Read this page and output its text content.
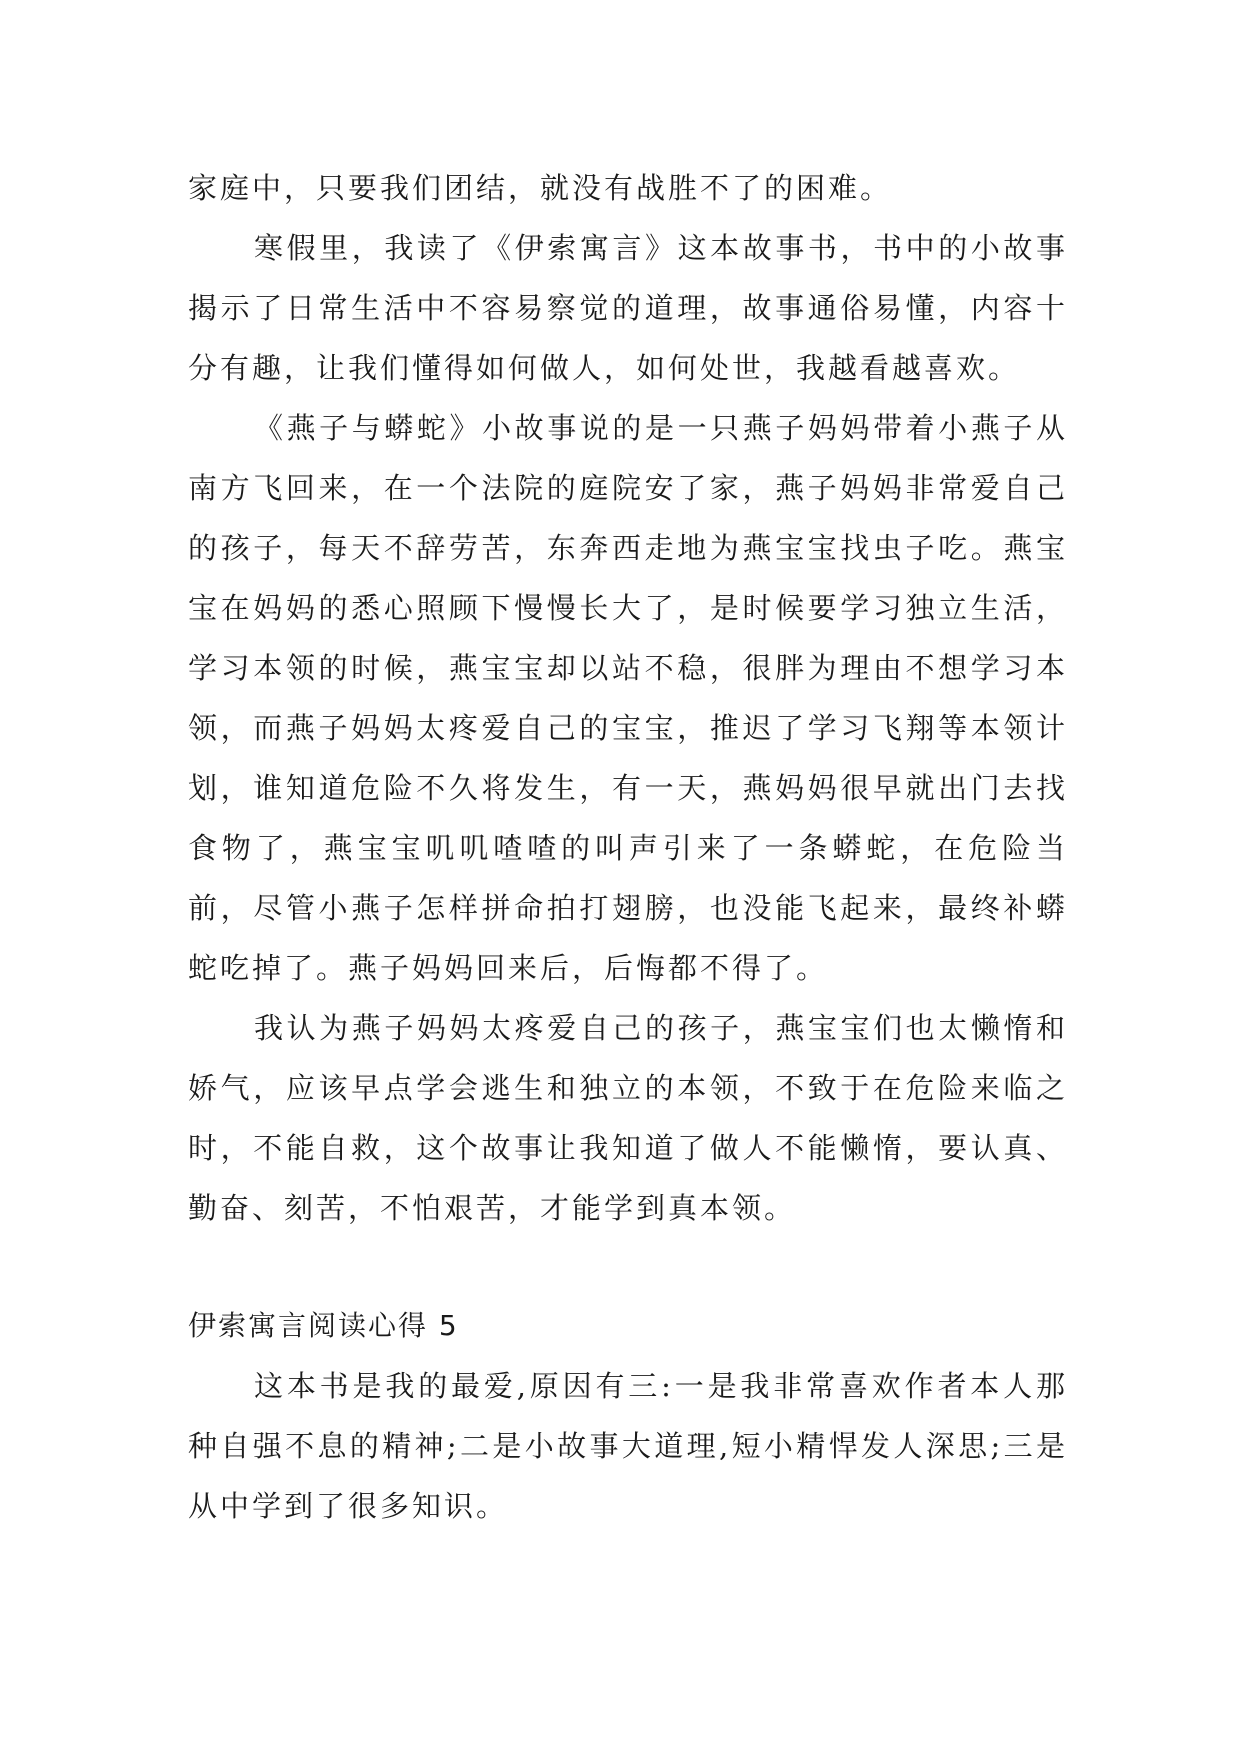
家庭中，只要我们团结，就没有战胜不了的困难。

寒假里，我读了《伊索寓言》这本故事书，书中的小故事揭示了日常生活中不容易察觉的道理，故事通俗易懂，内容十分有趣，让我们懂得如何做人，如何处世，我越看越喜欢。

《燕子与蟒蛇》小故事说的是一只燕子妈妈带着小燕子从南方飞回来，在一个法院的庭院安了家，燕子妈妈非常爱自己的孩子，每天不辞劳苦，东奔西走地为燕宝宝找虫子吃。燕宝宝在妈妈的悉心照顾下慢慢长大了，是时候要学习独立生活，学习本领的时候，燕宝宝却以站不稳，很胖为理由不想学习本领，而燕子妈妈太疼爱自己的宝宝，推迟了学习飞翔等本领计划，谁知道危险不久将发生，有一天，燕妈妈很早就出门去找食物了，燕宝宝叽叽喳喳的叫声引来了一条蟒蛇，在危险当前，尽管小燕子怎样拼命拍打翅膀，也没能飞起来，最终补蟒蛇吃掉了。燕子妈妈回来后，后悔都不得了。

我认为燕子妈妈太疼爱自己的孩子，燕宝宝们也太懒惰和娇气，应该早点学会逃生和独立的本领，不致于在危险来临之时，不能自救，这个故事让我知道了做人不能懒惰，要认真、勤奋、刻苦，不怕艰苦，才能学到真本领。

伊索寓言阅读心得 5

这本书是我的最爱,原因有三:一是我非常喜欢作者本人那种自强不息的精神;二是小故事大道理,短小精悍发人深思;三是从中学到了很多知识。
